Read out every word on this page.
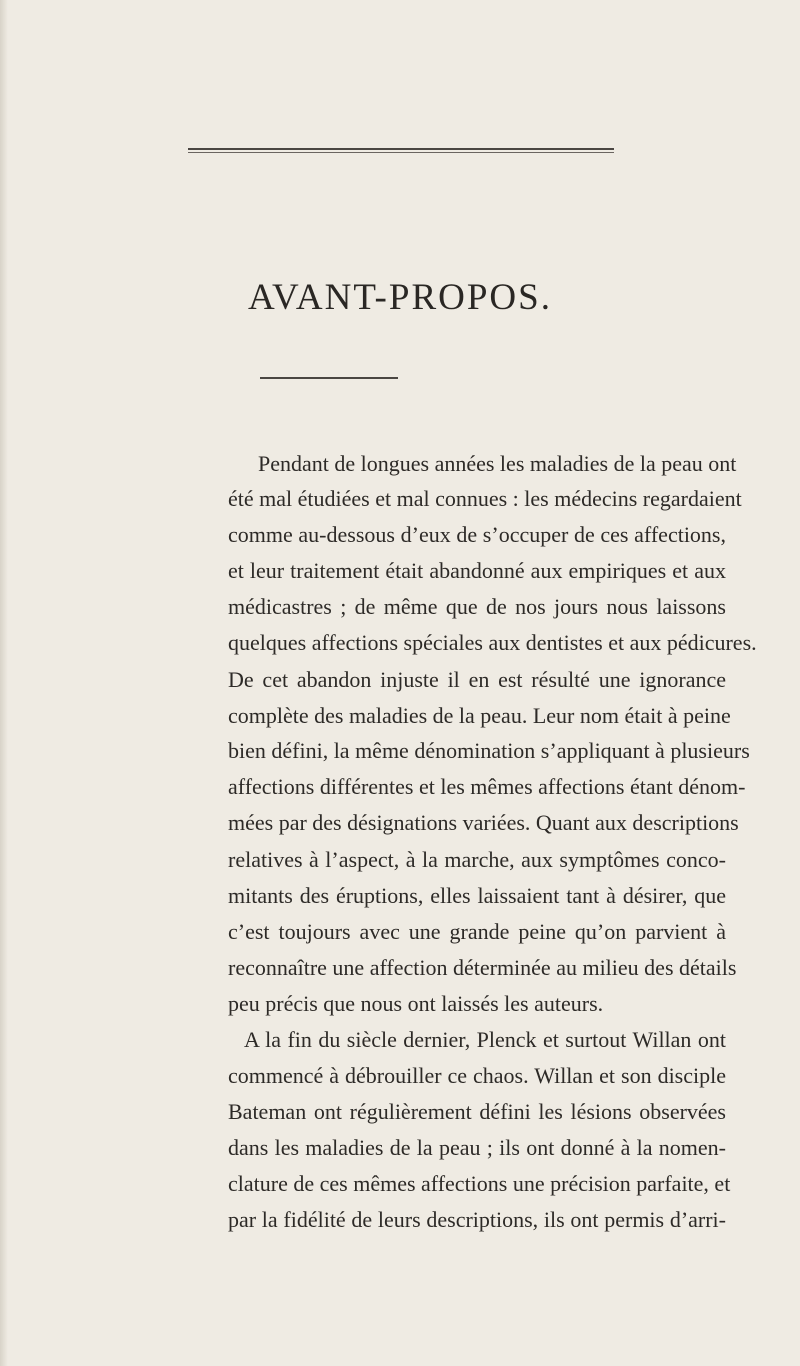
AVANT-PROPOS.
Pendant de longues années les maladies de la peau ont
été mal étudiées et mal connues : les médecins regardaient
comme au-dessous d’eux de s’occuper de ces affections,
et leur traitement était abandonné aux empiriques et aux
médicastres ; de même que de nos jours nous laissons
quelques affections spéciales aux dentistes et aux pédicures.
De cet abandon injuste il en est résulté une ignorance
complète des maladies de la peau. Leur nom était à peine
bien défini, la même dénomination s’appliquant à plusieurs
affections différentes et les mêmes affections étant dénom-
mées par des désignations variées. Quant aux descriptions
relatives à l’aspect, à la marche, aux symptômes conco-
mitants des éruptions, elles laissaient tant à désirer, que
c’est toujours avec une grande peine qu’on parvient à
reconnaître une affection déterminée au milieu des détails
peu précis que nous ont laissés les auteurs.
A la fin du siècle dernier, Plenck et surtout Willan ont
commencé à débrouiller ce chaos. Willan et son disciple
Bateman ont régulièrement défini les lésions observées
dans les maladies de la peau ; ils ont donné à la nomen-
clature de ces mêmes affections une précision parfaite, et
par la fidélité de leurs descriptions, ils ont permis d’arri-
